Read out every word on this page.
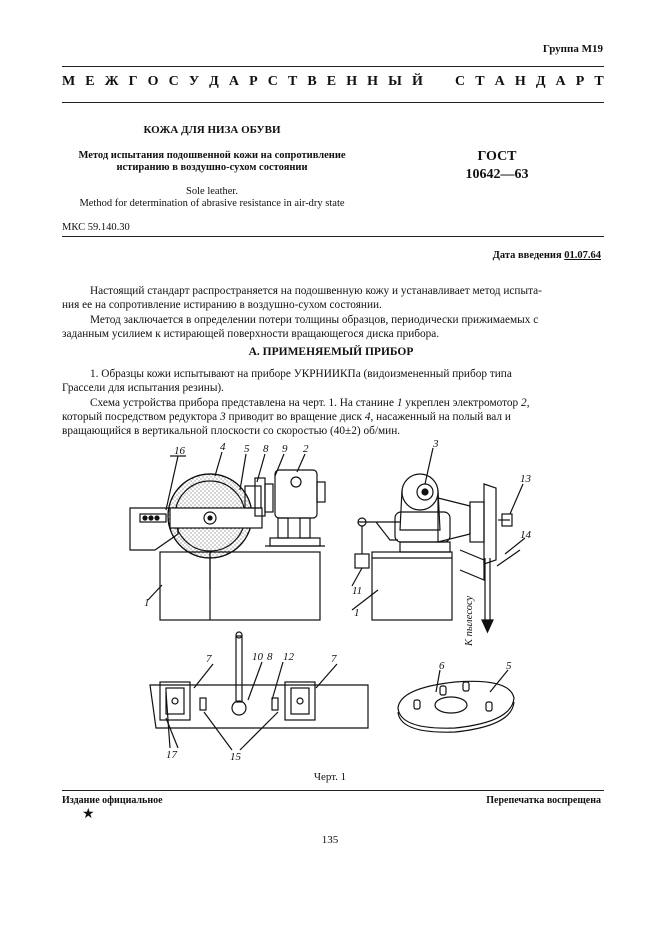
Группа М19
М Е Ж Г О С У Д А Р С Т В Е Н Н Ы Й С Т А Н Д А Р Т
КОЖА ДЛЯ НИЗА ОБУВИ
Метод испытания подошвенной кожи на сопротивление
истиранию в воздушно-сухом состоянии
Sole leather.
Method for determination of abrasive resistance in air-dry state
ГОСТ
10642—63
МКС 59.140.30
Дата введения 01.07.64
Настоящий стандарт распространяется на подошвенную кожу и устанавливает метод испыта-
ния ее на сопротивление истиранию в воздушно-сухом состоянии.
Метод заключается в определении потери толщины образцов, периодически прижимаемых с
заданным усилием к истирающей поверхности вращающегося диска прибора.
А. ПРИМЕНЯЕМЫЙ ПРИБОР
1. Образцы кожи испытывают на приборе УКРНИИКПа (видоизмененный прибор типа
Грассели для испытания резины).
Схема устройства прибора представлена на черт. 1. На станине 1 укреплен электромотор 2,
который посредством редуктора 3 приводит во вращение диск 4, насаженный на полый вал и
вращающийся в вертикальной плоскости со скоростью (40±2) об/мин.
16	4 5 8 9 2
1
3
13
14
11
1	К пылесосу
7	10 8 12	7
17	15
6	5
Черт. 1
Издание официальное	Перепечатка воспрещена
★
135
